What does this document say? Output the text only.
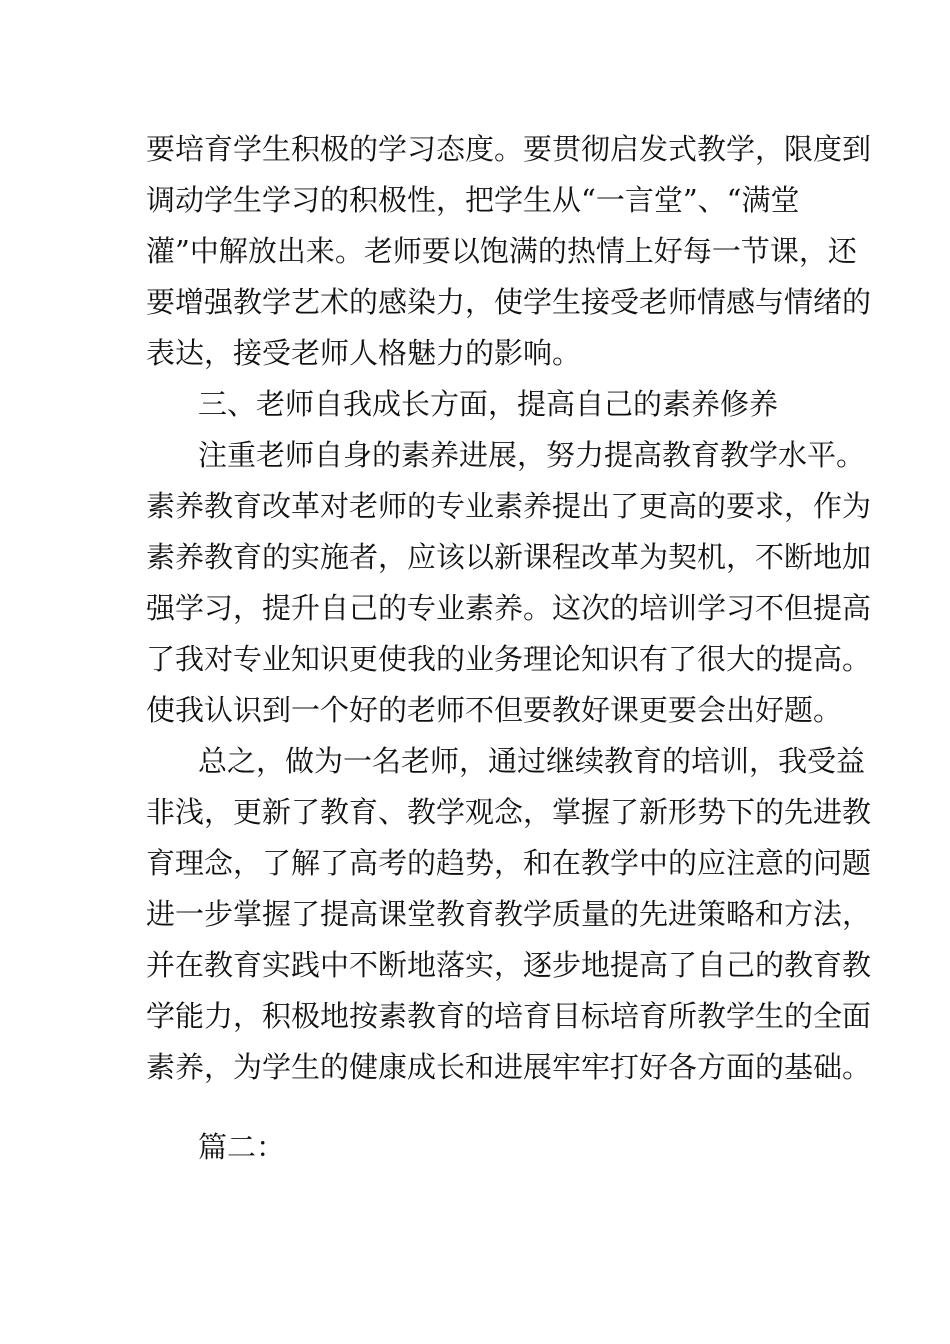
要培育学生积极的学习态度。要贯彻启发式教学，限度到
调动学生学习的积极性，把学生从“一言堂”、“满堂
灌”中解放出来。老师要以饱满的热情上好每一节课，还
要增强教学艺术的感染力，使学生接受老师情感与情绪的
表达，接受老师人格魅力的影响。
三、老师自我成长方面，提高自己的素养修养
注重老师自身的素养进展，努力提高教育教学水平。
素养教育改革对老师的专业素养提出了更高的要求，作为
素养教育的实施者，应该以新课程改革为契机，不断地加
强学习，提升自己的专业素养。这次的培训学习不但提高
了我对专业知识更使我的业务理论知识有了很大的提高。
使我认识到一个好的老师不但要教好课更要会出好题。
总之，做为一名老师，通过继续教育的培训，我受益
非浅，更新了教育、教学观念，掌握了新形势下的先进教
育理念，了解了高考的趋势，和在教学中的应注意的问题
进一步掌握了提高课堂教育教学质量的先进策略和方法，
并在教育实践中不断地落实，逐步地提高了自己的教育教
学能力，积极地按素教育的培育目标培育所教学生的全面
素养，为学生的健康成长和进展牢牢打好各方面的基础。
篇二：
